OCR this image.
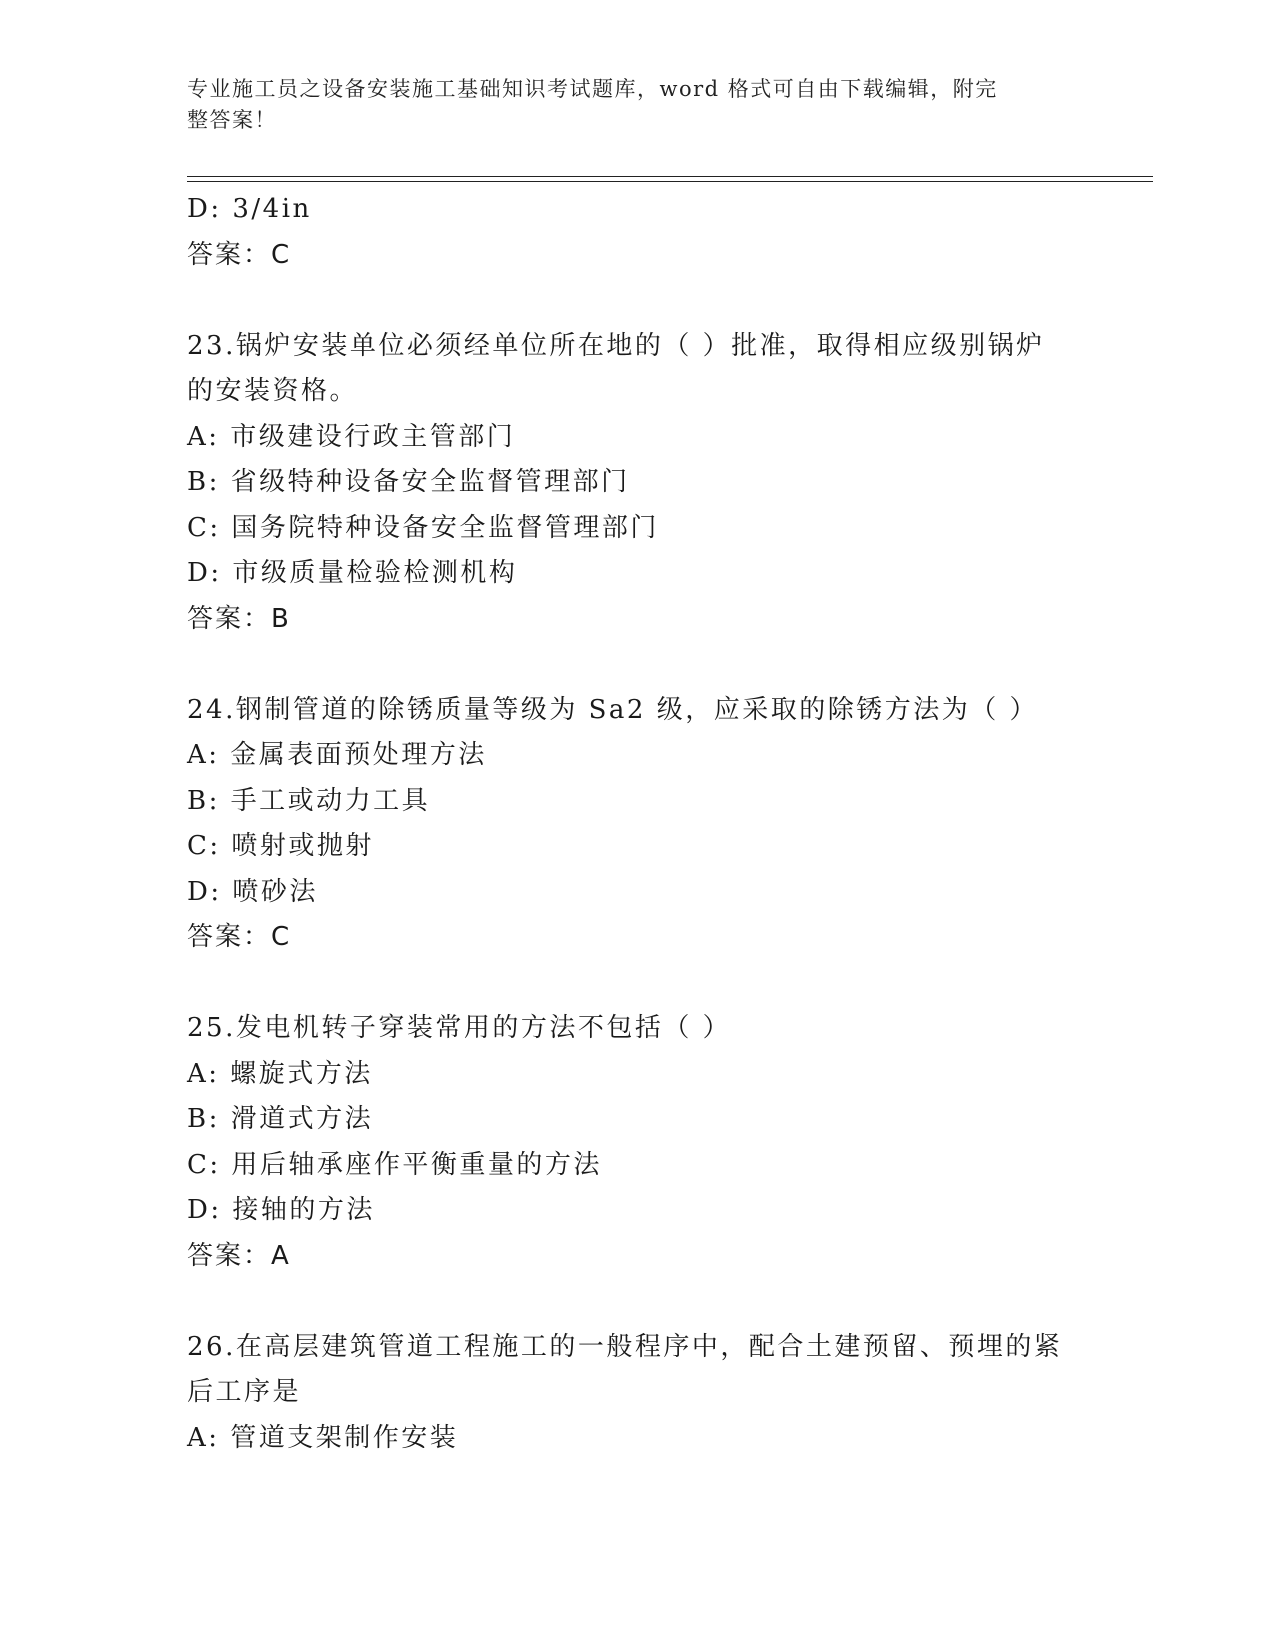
专业施工员之设备安装施工基础知识考试题库，word 格式可自由下载编辑，附完
整答案！
D: 3/4in
答案：C
23.锅炉安装单位必须经单位所在地的（ ）批准，取得相应级别锅炉
的安装资格。
A: 市级建设行政主管部门
B: 省级特种设备安全监督管理部门
C: 国务院特种设备安全监督管理部门
D: 市级质量检验检测机构
答案：B
24.钢制管道的除锈质量等级为 Sa2 级，应采取的除锈方法为（ ）
A: 金属表面预处理方法
B: 手工或动力工具
C: 喷射或抛射
D: 喷砂法
答案：C
25.发电机转子穿装常用的方法不包括（ ）
A: 螺旋式方法
B: 滑道式方法
C: 用后轴承座作平衡重量的方法
D: 接轴的方法
答案：A
26.在高层建筑管道工程施工的一般程序中，配合土建预留、预埋的紧
后工序是
A: 管道支架制作安装
